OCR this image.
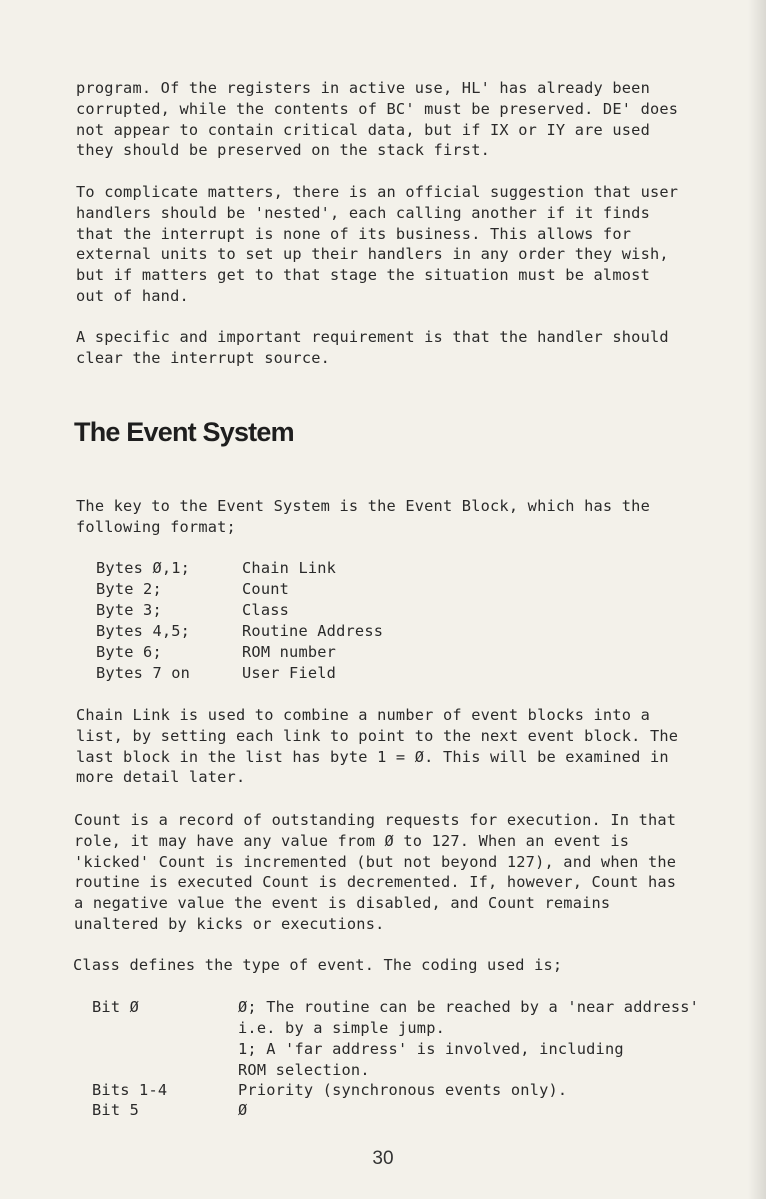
program. Of the registers in active use, HL' has already been
corrupted, while the contents of BC' must be preserved. DE' does
not appear to contain critical data, but if IX or IY are used
they should be preserved on the stack first.
To complicate matters, there is an official suggestion that user
handlers should be 'nested', each calling another if it finds
that the interrupt is none of its business. This allows for
external units to set up their handlers in any order they wish,
but if matters get to that stage the situation must be almost
out of hand.
A specific and important requirement is that the handler should
clear the interrupt source.
The Event System
The key to the Event System is the Event Block, which has the
following format;
Bytes Ø,1;	Chain Link
Byte 2;	Count
Byte 3;	Class
Bytes 4,5;	Routine Address
Byte 6;	ROM number
Bytes 7 on	User Field
Chain Link is used to combine a number of event blocks into a
list, by setting each link to point to the next event block. The
last block in the list has byte 1 = Ø. This will be examined in
more detail later.
Count is a record of outstanding requests for execution. In that
role, it may have any value from Ø to 127. When an event is
'kicked' Count is incremented (but not beyond 127), and when the
routine is executed Count is decremented. If, however, Count has
a negative value the event is disabled, and Count remains
unaltered by kicks or executions.
Class defines the type of event. The coding used is;
Bit Ø	Ø; The routine can be reached by a 'near address'
i.e. by a simple jump.
1; A 'far address' is involved, including
ROM selection.
Bits 1-4	Priority (synchronous events only).
Bit 5	Ø
30
